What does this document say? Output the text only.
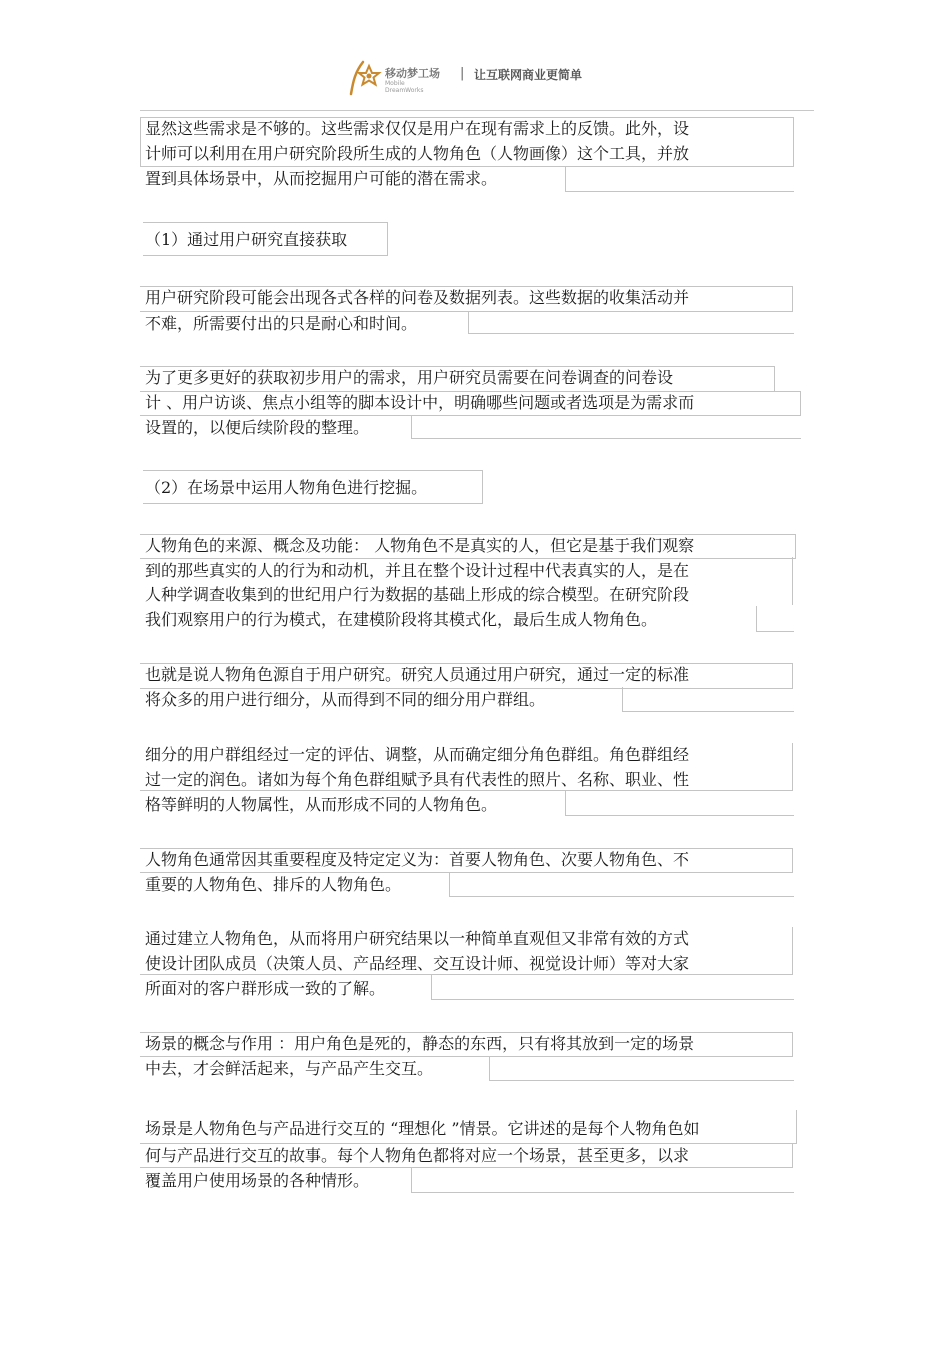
移动梦工场
Mobile
DreamWorks
| 让互联网商业更简单
显然这些需求是不够的。这些需求仅仅是用户在现有需求上的反馈。此外，设
计师可以利用在用户研究阶段所生成的人物角色（人物画像）这个工具，并放
置到具体场景中，从而挖掘用户可能的潜在需求。
（1）通过用户研究直接获取
用户研究阶段可能会出现各式各样的问卷及数据列表。这些数据的收集活动并
不难，所需要付出的只是耐心和时间。
为了更多更好的获取初步用户的需求，用户研究员需要在问卷调查的问卷设
计 、用户访谈、焦点小组等的脚本设计中，明确哪些问题或者选项是为需求而
设置的，以便后续阶段的整理。
（2）在场景中运用人物角色进行挖掘。
人物角色的来源、概念及功能： 人物角色不是真实的人，但它是基于我们观察
到的那些真实的人的行为和动机，并且在整个设计过程中代表真实的人，是在
人种学调查收集到的世纪用户行为数据的基础上形成的综合模型。在研究阶段
我们观察用户的行为模式，在建模阶段将其模式化，最后生成人物角色。
也就是说人物角色源自于用户研究。研究人员通过用户研究，通过一定的标准
将众多的用户进行细分，从而得到不同的细分用户群组。
细分的用户群组经过一定的评估、调整，从而确定细分角色群组。角色群组经
过一定的润色。诸如为每个角色群组赋予具有代表性的照片、名称、职业、性
格等鲜明的人物属性，从而形成不同的人物角色。
人物角色通常因其重要程度及特定定义为：首要人物角色、次要人物角色、不
重要的人物角色、排斥的人物角色。
通过建立人物角色，从而将用户研究结果以一种简单直观但又非常有效的方式
使设计团队成员（决策人员、产品经理、交互设计师、视觉设计师）等对大家
所面对的客户群形成一致的了解。
场景的概念与作用 ：用户角色是死的，静态的东西，只有将其放到一定的场景
中去，才会鲜活起来，与产品产生交互。
场景是人物角色与产品进行交互的 “理想化 ”情景。它讲述的是每个人物角色如
何与产品进行交互的故事。每个人物角色都将对应一个场景，甚至更多，以求
覆盖用户使用场景的各种情形。
